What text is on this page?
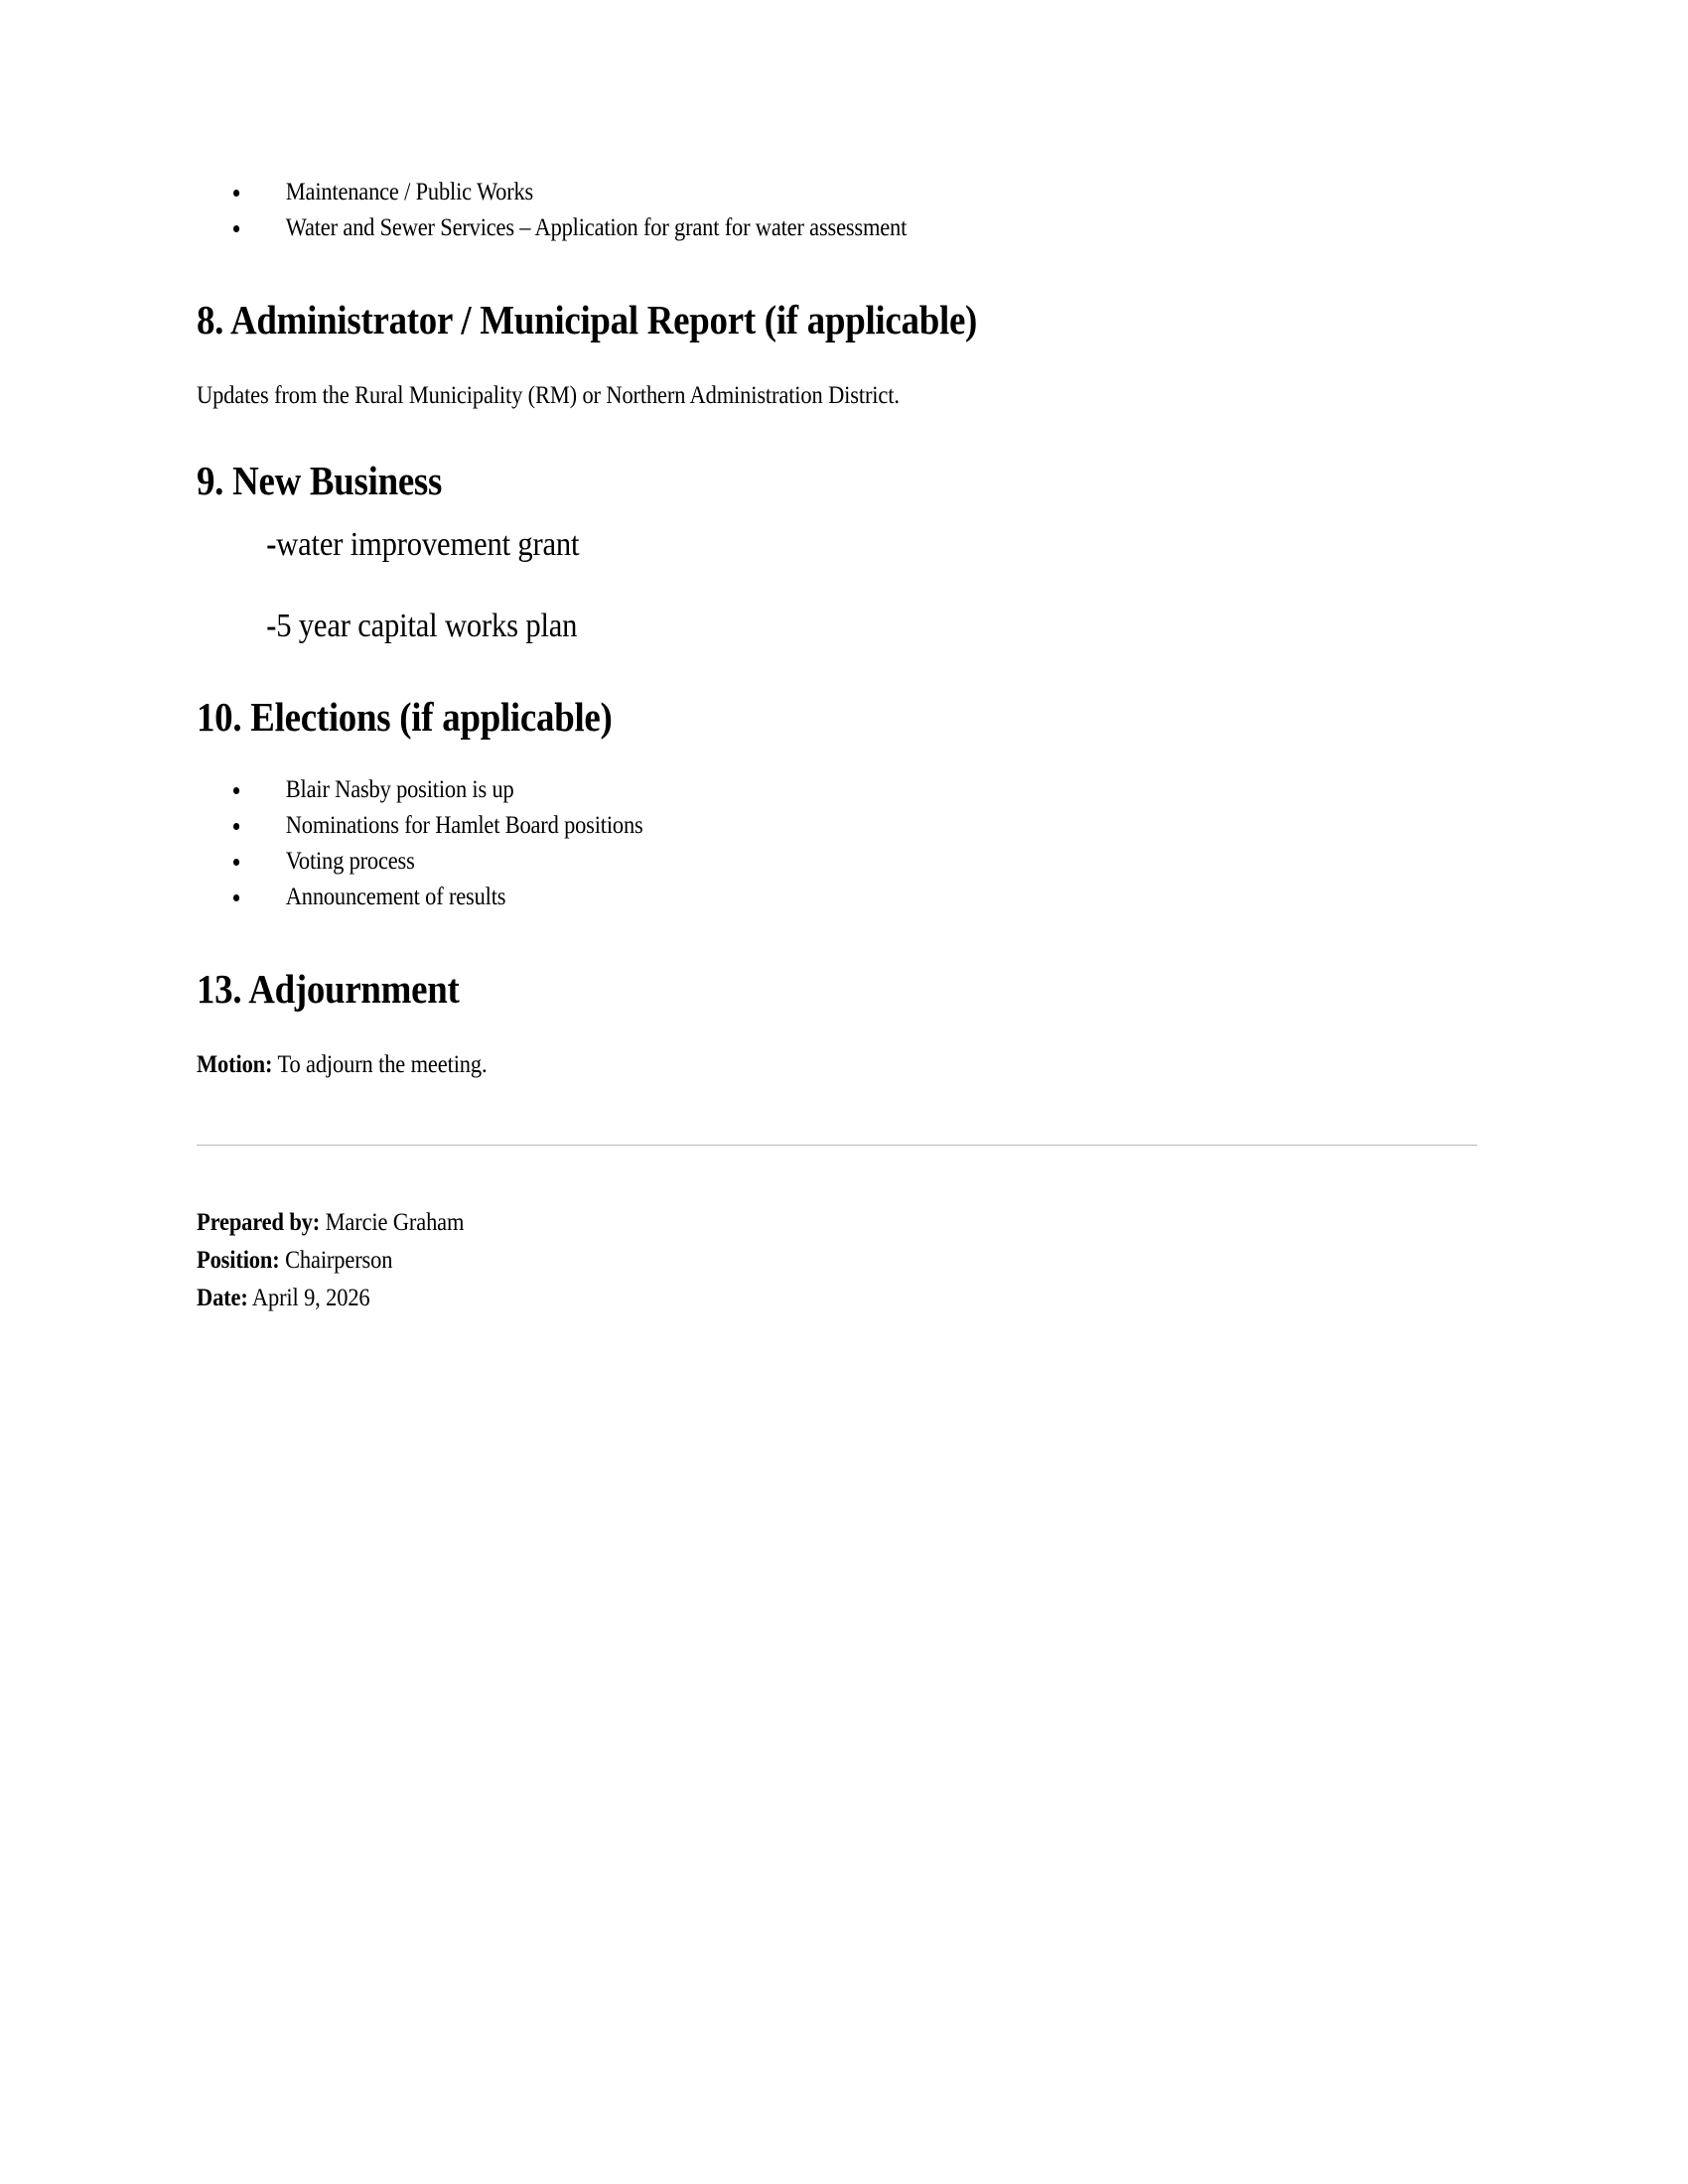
Maintenance / Public Works
Water and Sewer Services – Application for grant for water assessment
8. Administrator / Municipal Report (if applicable)

Updates from the Rural Municipality (RM) or Northern Administration District.

9. New Business

-water improvement grant

-5 year capital works plan

10. Elections (if applicable)
Blair Nasby position is up
Nominations for Hamlet Board positions
Voting process
Announcement of results
13. Adjournment

Motion: To adjourn the meeting.

Prepared by: Marcie Graham
Position: Chairperson
Date: April 9, 2026
